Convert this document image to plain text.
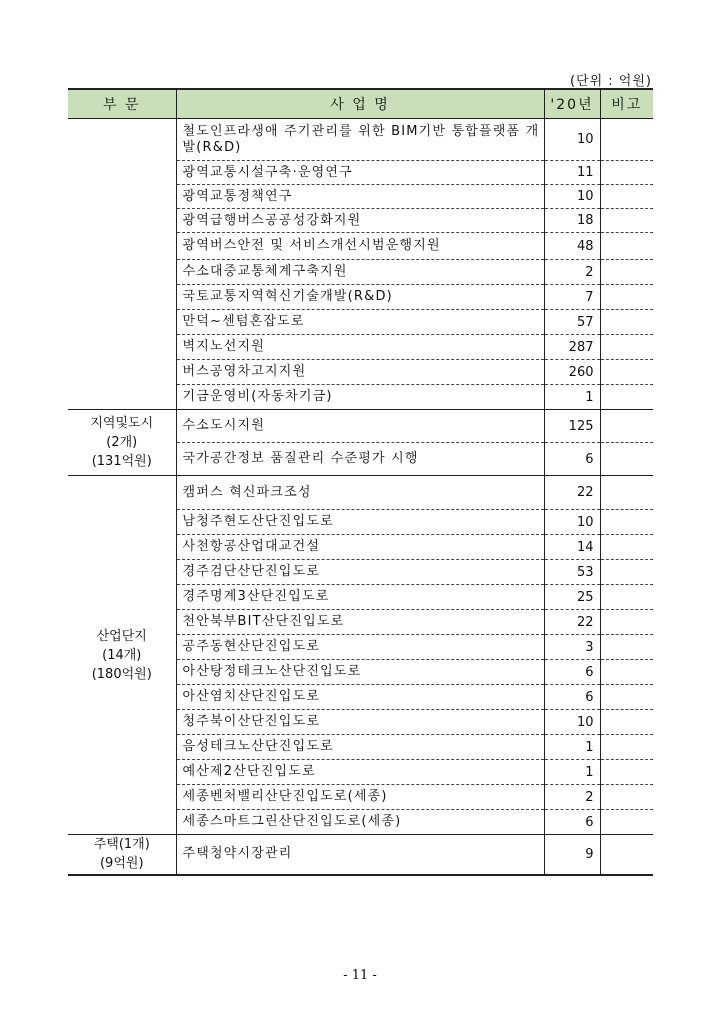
(단위 : 억원)
부 문	사 업 명	'20년	비고
	철도인프라생애 주기관리를 위한 BIM기반 통합플랫폼 개발(R&D)	10	
	광역교통시설구축·운영연구	11	
	광역교통정책연구	10	
	광역급행버스공공성강화지원	18	
	광역버스안전 및 서비스개선시범운행지원	48	
	수소대중교통체계구축지원	2	
	국토교통지역혁신기술개발(R&D)	7	
	만덕~센텀혼잡도로	57	
	벽지노선지원	287	
	버스공영차고지지원	260	
	기금운영비(자동차기금)	1	

지역및도시
(2개)
(131억원)	수소도시지원	125	
	국가공간정보 품질관리 수준평가 시행	6	

산업단지
(14개)
(180억원)	캠퍼스 혁신파크조성	22	
	남청주현도산단진입도로	10	
	사천항공산업대교건설	14	
	경주검단산단진입도로	53	
	경주명계3산단진입도로	25	
	천안북부BIT산단진입도로	22	
	공주동현산단진입도로	3	
	아산탕정테크노산단진입도로	6	
	아산염치산단진입도로	6	
	청주북이산단진입도로	10	
	음성테크노산단진입도로	1	
	예산제2산단진입도로	1	
	세종벤처밸리산단진입도로(세종)	2	
	세종스마트그린산단진입도로(세종)	6	

주택(1개)
(9억원)	주택청약시장관리	9	
- 11 -
